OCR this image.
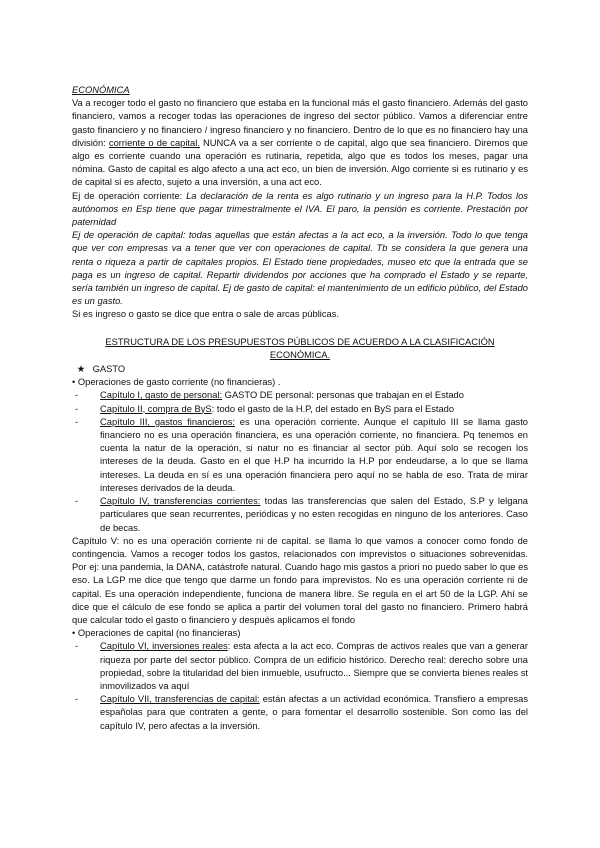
ECONÓMICA

Va a recoger todo el gasto no financiero que estaba en la funcional más el gasto financiero. Además del gasto financiero, vamos a recoger todas las operaciones de ingreso del sector público. Vamos a diferenciar entre gasto financiero y no financiero / ingreso financiero y no financiero. Dentro de lo que es no financiero hay una división: corriente o de capital. NUNCA va a ser corriente o de capital, algo que sea financiero. Diremos que algo es corriente cuando una operación es rutinaria, repetida, algo que es todos los meses, pagar una nómina. Gasto de capital es algo afecto a una act eco, un bien de inversión. Algo corriente si es rutinario y es de capital si es afecto, sujeto a una inversión, a una act eco.

Ej de operación corriente: La declaración de la renta es algo rutinario y un ingreso para la H.P. Todos los autónomos en Esp tiene que pagar trimestralmente el IVA. El paro, la pensión es corriente. Prestación por paternidad

Ej de operación de capital: todas aquellas que están afectas a la act eco, a la inversión. Todo lo que tenga que ver con empresas va a tener que ver con operaciones de capital. Tb se considera la que genera una renta o riqueza a partir de capitales propios. El Estado tiene propiedades, museo etc que la entrada que se paga es un ingreso de capital. Repartir dividendos por acciones que ha comprado el Estado y se reparte, sería también un ingreso de capital. Ej de gasto de capital: el mantenimiento de un edificio público, del Estado es un gasto.

Si es ingreso o gasto se dice que entra o sale de arcas públicas.

ESTRUCTURA DE LOS PRESUPUESTOS PÚBLICOS DE ACUERDO A LA CLASIFICACIÓN ECONÓMICA.

★ GASTO

• Operaciones de gasto corriente (no financieras) .

- Capítulo I, gasto de personal: GASTO DE personal: personas que trabajan en el Estado
- Capítulo II, compra de ByS: todo el gasto de la H.P, del estado en ByS para el Estado
- Capítulo III, gastos financieros: es una operación corriente. Aunque el capítulo III se llama gasto financiero no es una operación financiera, es una operación corriente, no financiera. Pq tenemos en cuenta la natur de la operación, si natur no es financiar al sector púb. Aquí solo se recogen los intereses de la deuda. Gasto en el que H.P ha incurrido la H.P por endeudarse, a lo que se llama intereses. La deuda en sí es una operación financiera pero aquí no se habla de eso. Trata de mirar intereses derivados de la deuda.
- Capítulo IV, transferencias corrientes: todas las transferencias que salen del Estado, S.P y lelgana particulares que sean recurrentes, periódicas y no esten recogidas en ninguno de los anteriores. Caso de becas.

Capítulo V: no es una operación corriente ni de capital. se llama lo que vamos a conocer como fondo de contingencia. Vamos a recoger todos los gastos, relacionados con imprevistos o situaciones sobrevenidas. Por ej: una pandemia, la DANA, catástrofe natural. Cuando hago mis gastos a priori no puedo saber lo que es eso. La LGP me dice que tengo que darme un fondo para imprevistos. No es una operación corriente ni de capital. Es una operación independiente, funciona de manera libre. Se regula en el art 50 de la LGP. Ahí se dice que el cálculo de ese fondo se aplica a partir del volumen toral del gasto no financiero. Primero habrá que calcular todo el gasto o financiero y después aplicamos el fondo

• Operaciones de capital (no financieras)

- Capítulo VI, inversiones reales: esta afecta a la act eco. Compras de activos reales que van a generar riqueza por parte del sector público. Compra de un edificio histórico. Derecho real: derecho sobre una propiedad, sobre la titularidad del bien inmueble, usufructo... Siempre que se convierta bienes reales st inmovilizados va aquí
- Capítulo VII, transferencias de capital: están afectas a un actividad económica. Transfiero a empresas españolas para que contraten a gente, o para fomentar el desarrollo sostenible. Son como las del capítulo IV, pero afectas a la inversión.
